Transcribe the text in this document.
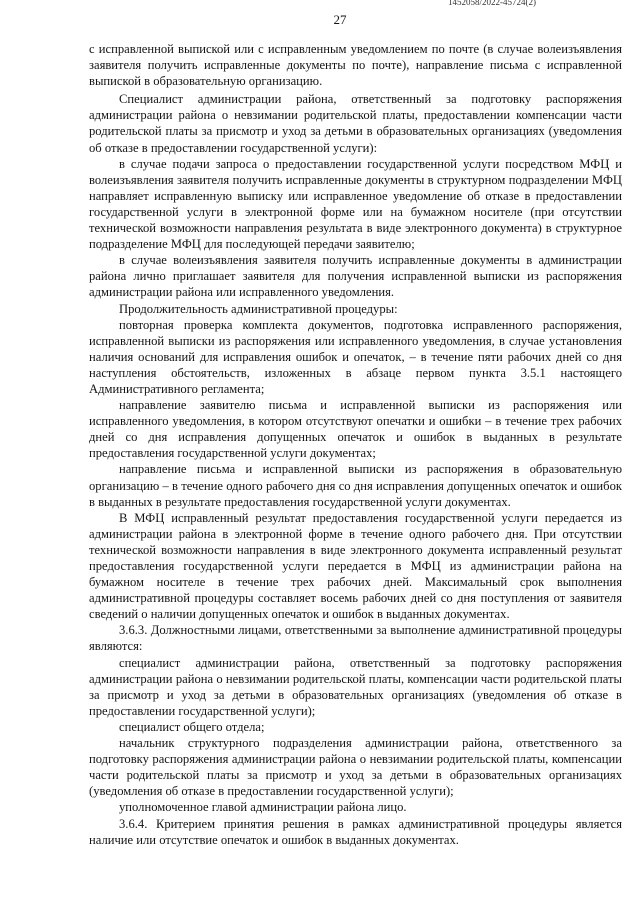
1452058/2022-45724(2)
27

с исправленной выпиской или с исправленным уведомлением по почте (в случае волеизъявления заявителя получить исправленные документы по почте), направление письма с исправленной выпиской в образовательную организацию.

Специалист администрации района, ответственный за подготовку распоряжения администрации района о невзимании родительской платы, предоставлении компенсации части родительской платы за присмотр и уход за детьми в образовательных организациях (уведомления об отказе в предоставлении государственной услуги):

в случае подачи запроса о предоставлении государственной услуги посредством МФЦ и волеизъявления заявителя получить исправленные документы в структурном подразделении МФЦ направляет исправленную выписку или исправленное уведомление об отказе в предоставлении государственной услуги в электронной форме или на бумажном носителе (при отсутствии технической возможности направления результата в виде электронного документа) в структурное подразделение МФЦ для последующей передачи заявителю;

в случае волеизъявления заявителя получить исправленные документы в администрации района лично приглашает заявителя для получения исправленной выписки из распоряжения администрации района или исправленного уведомления.

Продолжительность административной процедуры:

повторная проверка комплекта документов, подготовка исправленного распоряжения, исправленной выписки из распоряжения или исправленного уведомления, в случае установления наличия оснований для исправления ошибок и опечаток, – в течение пяти рабочих дней со дня наступления обстоятельств, изложенных в абзаце первом пункта 3.5.1 настоящего Административного регламента;

направление заявителю письма и исправленной выписки из распоряжения или исправленного уведомления, в котором отсутствуют опечатки и ошибки – в течение трех рабочих дней со дня исправления допущенных опечаток и ошибок в выданных в результате предоставления государственной услуги документах;

направление письма и исправленной выписки из распоряжения в образовательную организацию – в течение одного рабочего дня со дня исправления допущенных опечаток и ошибок в выданных в результате предоставления государственной услуги документах.

В МФЦ исправленный результат предоставления государственной услуги передается из администрации района в электронной форме в течение одного рабочего дня. При отсутствии технической возможности направления в виде электронного документа исправленный результат предоставления государственной услуги передается в МФЦ из администрации района на бумажном носителе в течение трех рабочих дней. Максимальный срок выполнения административной процедуры составляет восемь рабочих дней со дня поступления от заявителя сведений о наличии допущенных опечаток и ошибок в выданных документах.

3.6.3. Должностными лицами, ответственными за выполнение административной процедуры являются:

специалист администрации района, ответственный за подготовку распоряжения администрации района о невзимании родительской платы, компенсации части родительской платы за присмотр и уход за детьми в образовательных организациях (уведомления об отказе в предоставлении государственной услуги);

специалист общего отдела;

начальник структурного подразделения администрации района, ответственного за подготовку распоряжения администрации района о невзимании родительской платы, компенсации части родительской платы за присмотр и уход за детьми в образовательных организациях (уведомления об отказе в предоставлении государственной услуги);

уполномоченное главой администрации района лицо.

3.6.4. Критерием принятия решения в рамках административной процедуры является наличие или отсутствие опечаток и ошибок в выданных документах.
